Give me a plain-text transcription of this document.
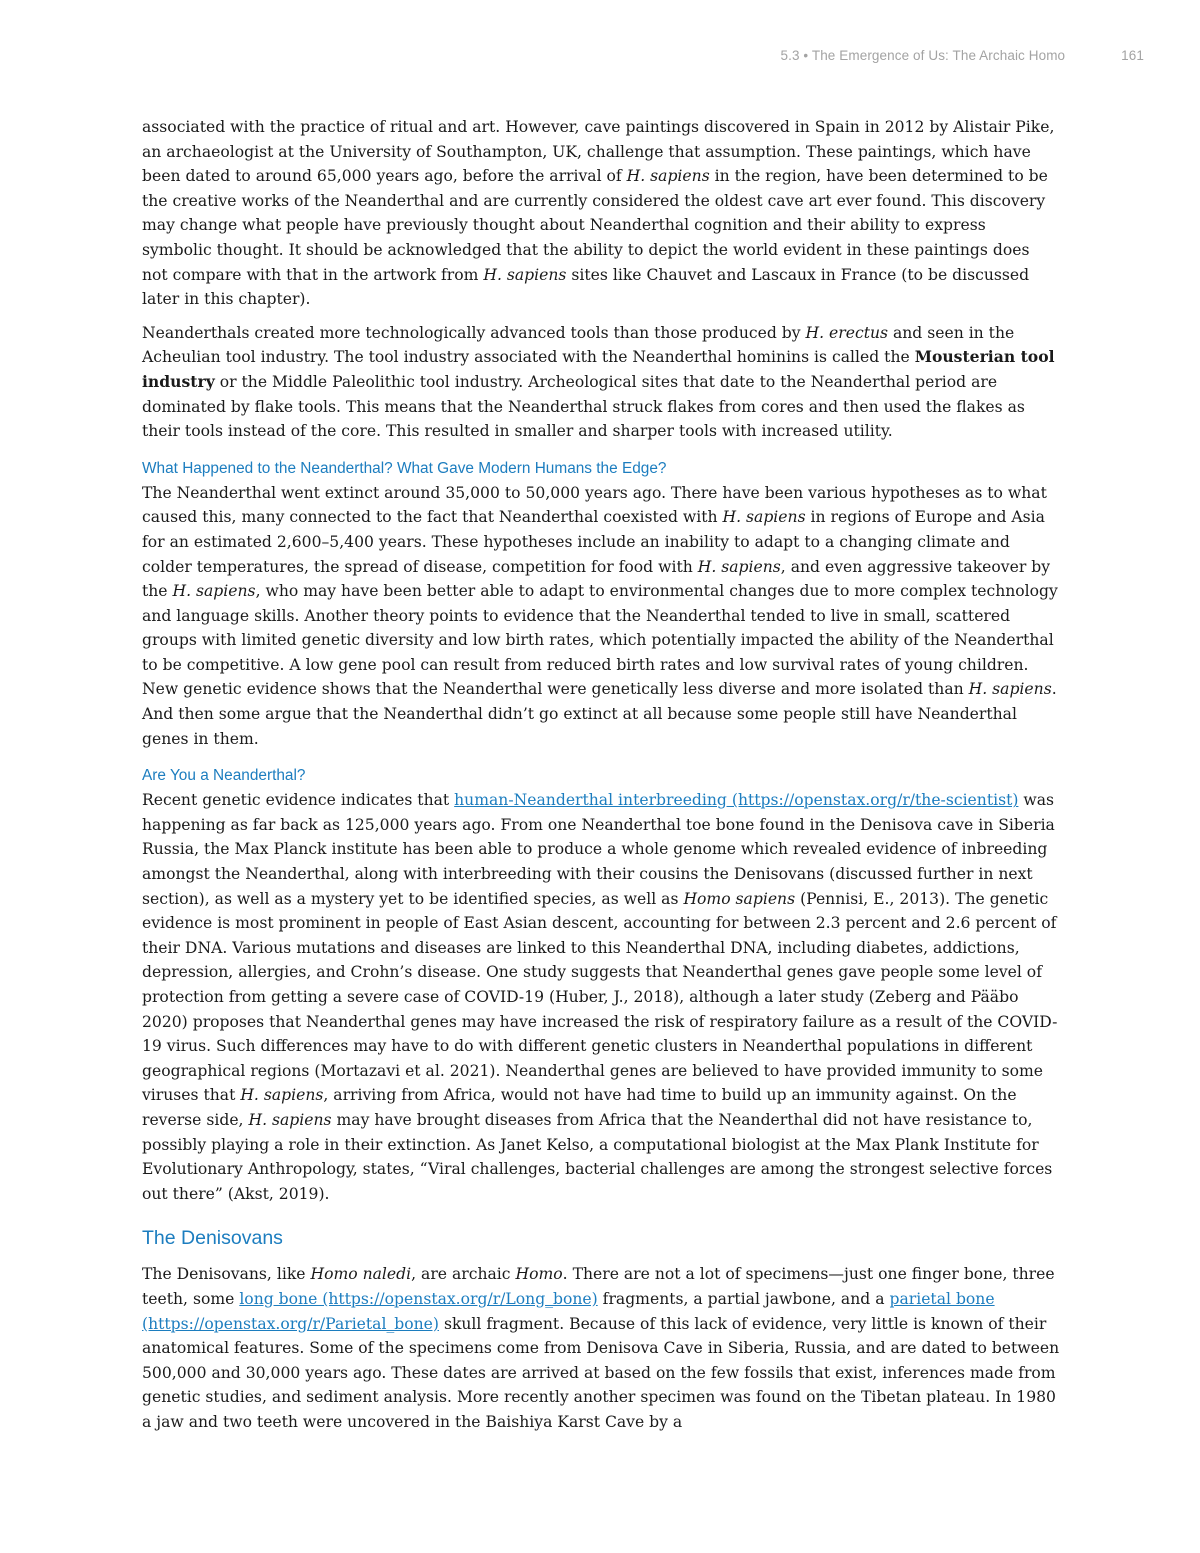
5.3 • The Emergence of Us: The Archaic Homo	161

associated with the practice of ritual and art. However, cave paintings discovered in Spain in 2012 by Alistair Pike, an archaeologist at the University of Southampton, UK, challenge that assumption. These paintings, which have been dated to around 65,000 years ago, before the arrival of H. sapiens in the region, have been determined to be the creative works of the Neanderthal and are currently considered the oldest cave art ever found. This discovery may change what people have previously thought about Neanderthal cognition and their ability to express symbolic thought. It should be acknowledged that the ability to depict the world evident in these paintings does not compare with that in the artwork from H. sapiens sites like Chauvet and Lascaux in France (to be discussed later in this chapter).

Neanderthals created more technologically advanced tools than those produced by H. erectus and seen in the Acheulian tool industry. The tool industry associated with the Neanderthal hominins is called the Mousterian tool industry or the Middle Paleolithic tool industry. Archeological sites that date to the Neanderthal period are dominated by flake tools. This means that the Neanderthal struck flakes from cores and then used the flakes as their tools instead of the core. This resulted in smaller and sharper tools with increased utility.

What Happened to the Neanderthal? What Gave Modern Humans the Edge?

The Neanderthal went extinct around 35,000 to 50,000 years ago. There have been various hypotheses as to what caused this, many connected to the fact that Neanderthal coexisted with H. sapiens in regions of Europe and Asia for an estimated 2,600–5,400 years. These hypotheses include an inability to adapt to a changing climate and colder temperatures, the spread of disease, competition for food with H. sapiens, and even aggressive takeover by the H. sapiens, who may have been better able to adapt to environmental changes due to more complex technology and language skills. Another theory points to evidence that the Neanderthal tended to live in small, scattered groups with limited genetic diversity and low birth rates, which potentially impacted the ability of the Neanderthal to be competitive. A low gene pool can result from reduced birth rates and low survival rates of young children. New genetic evidence shows that the Neanderthal were genetically less diverse and more isolated than H. sapiens. And then some argue that the Neanderthal didn’t go extinct at all because some people still have Neanderthal genes in them.

Are You a Neanderthal?

Recent genetic evidence indicates that human-Neanderthal interbreeding (https://openstax.org/r/the-scientist) was happening as far back as 125,000 years ago. From one Neanderthal toe bone found in the Denisova cave in Siberia Russia, the Max Planck institute has been able to produce a whole genome which revealed evidence of inbreeding amongst the Neanderthal, along with interbreeding with their cousins the Denisovans (discussed further in next section), as well as a mystery yet to be identified species, as well as Homo sapiens (Pennisi, E., 2013). The genetic evidence is most prominent in people of East Asian descent, accounting for between 2.3 percent and 2.6 percent of their DNA. Various mutations and diseases are linked to this Neanderthal DNA, including diabetes, addictions, depression, allergies, and Crohn’s disease. One study suggests that Neanderthal genes gave people some level of protection from getting a severe case of COVID-19 (Huber, J., 2018), although a later study (Zeberg and Pääbo 2020) proposes that Neanderthal genes may have increased the risk of respiratory failure as a result of the COVID-19 virus. Such differences may have to do with different genetic clusters in Neanderthal populations in different geographical regions (Mortazavi et al. 2021). Neanderthal genes are believed to have provided immunity to some viruses that H. sapiens, arriving from Africa, would not have had time to build up an immunity against. On the reverse side, H. sapiens may have brought diseases from Africa that the Neanderthal did not have resistance to, possibly playing a role in their extinction. As Janet Kelso, a computational biologist at the Max Plank Institute for Evolutionary Anthropology, states, “Viral challenges, bacterial challenges are among the strongest selective forces out there” (Akst, 2019).

The Denisovans

The Denisovans, like Homo naledi, are archaic Homo. There are not a lot of specimens—just one finger bone, three teeth, some long bone (https://openstax.org/r/Long_bone) fragments, a partial jawbone, and a parietal bone (https://openstax.org/r/Parietal_bone) skull fragment. Because of this lack of evidence, very little is known of their anatomical features. Some of the specimens come from Denisova Cave in Siberia, Russia, and are dated to between 500,000 and 30,000 years ago. These dates are arrived at based on the few fossils that exist, inferences made from genetic studies, and sediment analysis. More recently another specimen was found on the Tibetan plateau. In 1980 a jaw and two teeth were uncovered in the Baishiya Karst Cave by a
